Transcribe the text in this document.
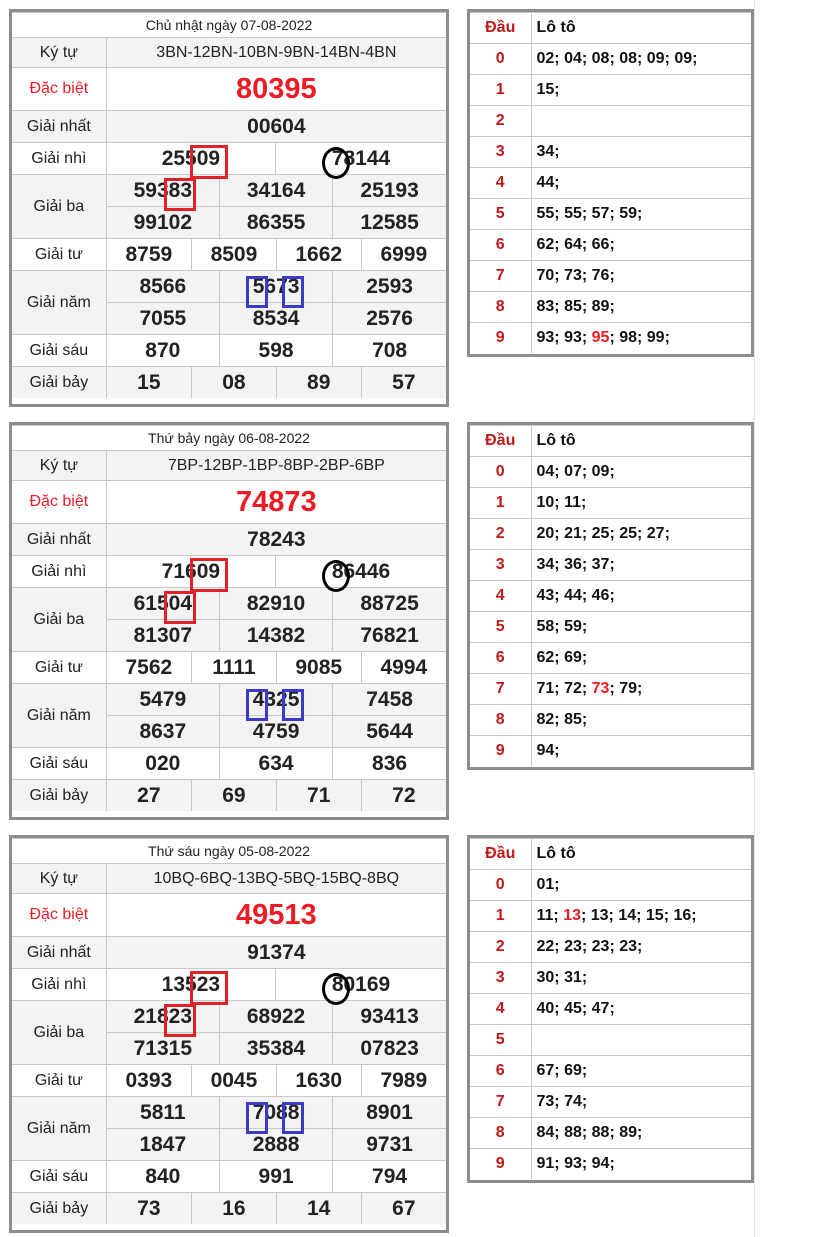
Chủ nhật ngày 07-08-2022
Ký tự	3BN-12BN-10BN-9BN-14BN-4BN
Đặc biệt	80395
Giải nhất	00604
Giải nhì	25509	78144
Giải ba	59383	34164	25193
99102	86355	12585
Giải tư	8759	8509	1662	6999

Giải năm	8566	5673	2593
7055	8534	2576
Giải sáu	870	598	708
Giải bảy	15	08	89	57
Đầu	Lô tô
0	02; 04; 08; 08; 09; 09;
1	15;
2	
3	34;
4	44;
5	55; 55; 57; 59;
6	62; 64; 66;
7	70; 73; 76;
8	83; 85; 89;
9	93; 93; 95; 98; 99;
Thứ bảy ngày 06-08-2022
Ký tự	7BP-12BP-1BP-8BP-2BP-6BP
Đặc biệt	74873
Giải nhất	78243
Giải nhì	71609	86446
Giải ba	61504	82910	88725
81307	14382	76821
Giải tư	7562	1111	9085	4994

Giải năm	5479	4325	7458
8637	4759	5644
Giải sáu	020	634	836
Giải bảy	27	69	71	72
Đầu	Lô tô
0	04; 07; 09;
1	10; 11;
2	20; 21; 25; 25; 27;
3	34; 36; 37;
4	43; 44; 46;
5	58; 59;
6	62; 69;
7	71; 72; 73; 79;
8	82; 85;
9	94;
Thứ sáu ngày 05-08-2022
Ký tự	10BQ-6BQ-13BQ-5BQ-15BQ-8BQ
Đặc biệt	49513
Giải nhất	91374
Giải nhì	13523	80169
Giải ba	21823	68922	93413
71315	35384	07823
Giải tư	0393	0045	1630	7989

Giải năm	5811	7088	8901
1847	2888	9731
Giải sáu	840	991	794
Giải bảy	73	16	14	67
Đầu	Lô tô
0	01;
1	11; 13; 13; 14; 15; 16;
2	22; 23; 23; 23;
3	30; 31;
4	40; 45; 47;
5	
6	67; 69;
7	73; 74;
8	84; 88; 88; 89;
9	91; 93; 94;
